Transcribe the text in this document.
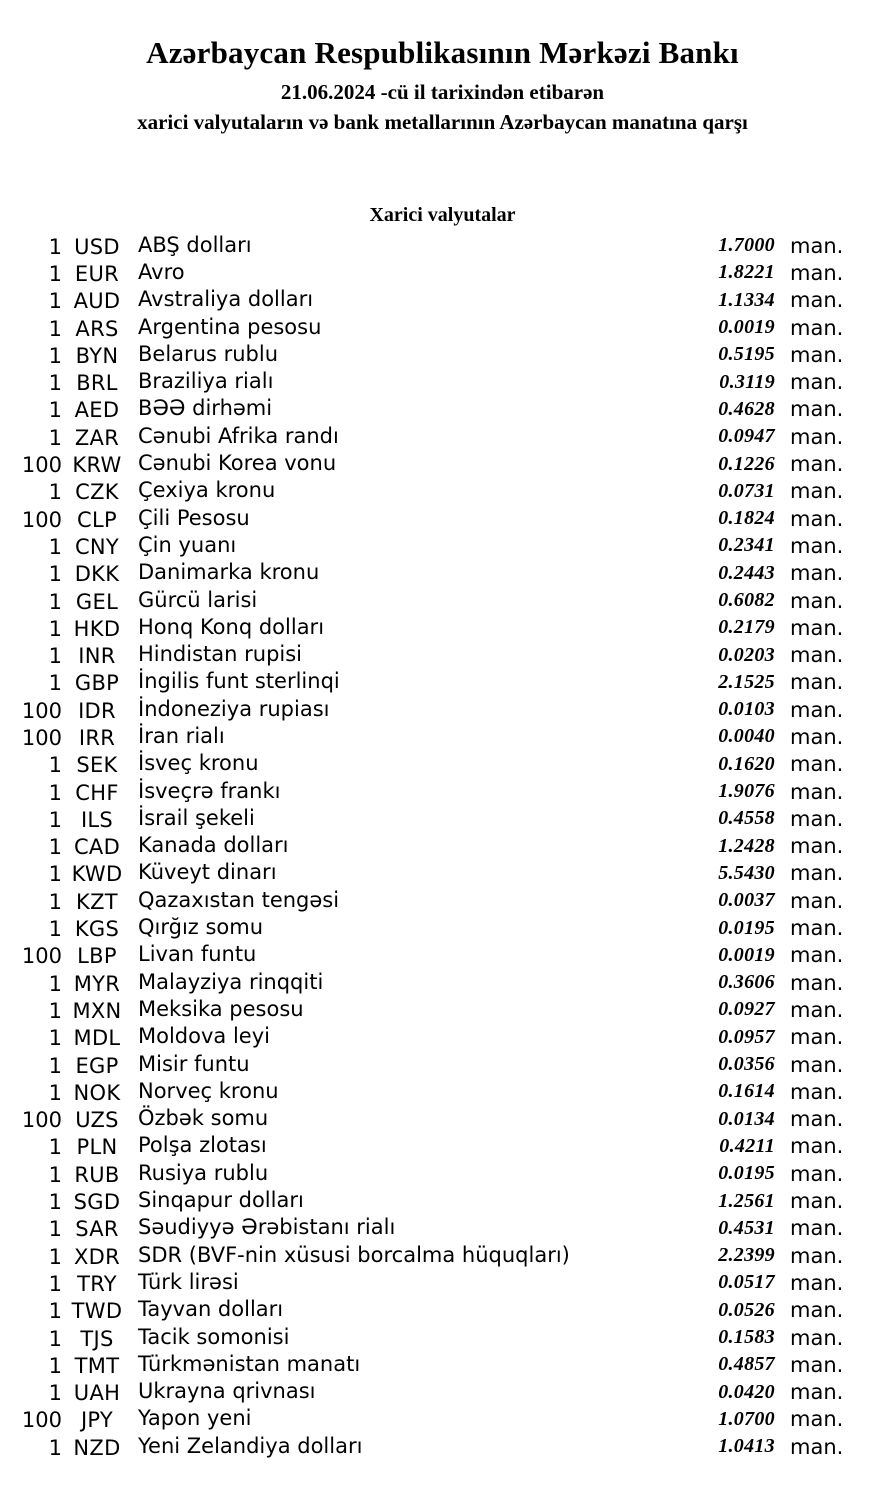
Azərbaycan Respublikasının Mərkəzi Bankı
21.06.2024 -cü il tarixindən etibarən
xarici valyutaların və bank metallarının Azərbaycan manatına qarşı
Xarici valyutalar
1 USD ABŞ dolları	1.7000 man.
1 EUR Avro	1.8221 man.
1 AUD Avstraliya dolları	1.1334 man.
1 ARS Argentina pesosu	0.0019 man.
1 BYN Belarus rublu	0.5195 man.
1 BRL Braziliya rialı	0.3119 man.
1 AED BƏƏ dirhəmi	0.4628 man.
1 ZAR Cənubi Afrika randı	0.0947 man.
100 KRW Cənubi Korea vonu	0.1226 man.
1 CZK Çexiya kronu	0.0731 man.
100 CLP	Çili Pesosu	0.1824 man.
1 CNY Çin yuanı	0.2341 man.
1 DKK Danimarka kronu	0.2443 man.
1 GEL Gürcü larisi	0.6082 man.
1 HKD Honq Konq dolları	0.2179 man.
1 INR	Hindistan rupisi	0.0203 man.
1 GBP İngilis funt sterlinqi	2.1525 man.
100 IDR	İndoneziya rupiası	0.0103 man.
100 IRR	İran rialı	0.0040 man.
1 SEK İsveç kronu	0.1620 man.
1 CHF İsveçrə frankı	1.9076 man.
1 ILS	İsrail şekeli	0.4558 man.
1 CAD Kanada dolları	1.2428 man.
1 KWD Küveyt dinarı	5.5430 man.
1 KZT Qazaxıstan tengəsi	0.0037 man.
1 KGS Qırğız somu	0.0195 man.
100 LBP	Livan funtu	0.0019 man.
1 MYR Malayziya rinqqiti	0.3606 man.
1 MXN Meksika pesosu	0.0927 man.
1 MDL Moldova leyi	0.0957 man.
1 EGP Misir funtu	0.0356 man.
1 NOK Norveç kronu	0.1614 man.
100 UZS Özbək somu	0.0134 man.
1 PLN Polşa zlotası	0.4211 man.
1 RUB Rusiya rublu	0.0195 man.
1 SGD Sinqapur dolları	1.2561 man.
1 SAR Səudiyyə Ərəbistanı rialı	0.4531 man.
1 XDR SDR (BVF-nin xüsusi borcalma hüquqları)	2.2399 man.
1 TRY	Türk lirəsi	0.0517 man.
1 TWD Tayvan dolları	0.0526 man.
1 TJS	Tacik somonisi	0.1583 man.
1 TMT Türkmənistan manatı	0.4857 man.
1 UAH Ukrayna qrivnası	0.0420 man.
100 JPY	Yapon yeni	1.0700 man.
1 NZD Yeni Zelandiya dolları	1.0413 man.
